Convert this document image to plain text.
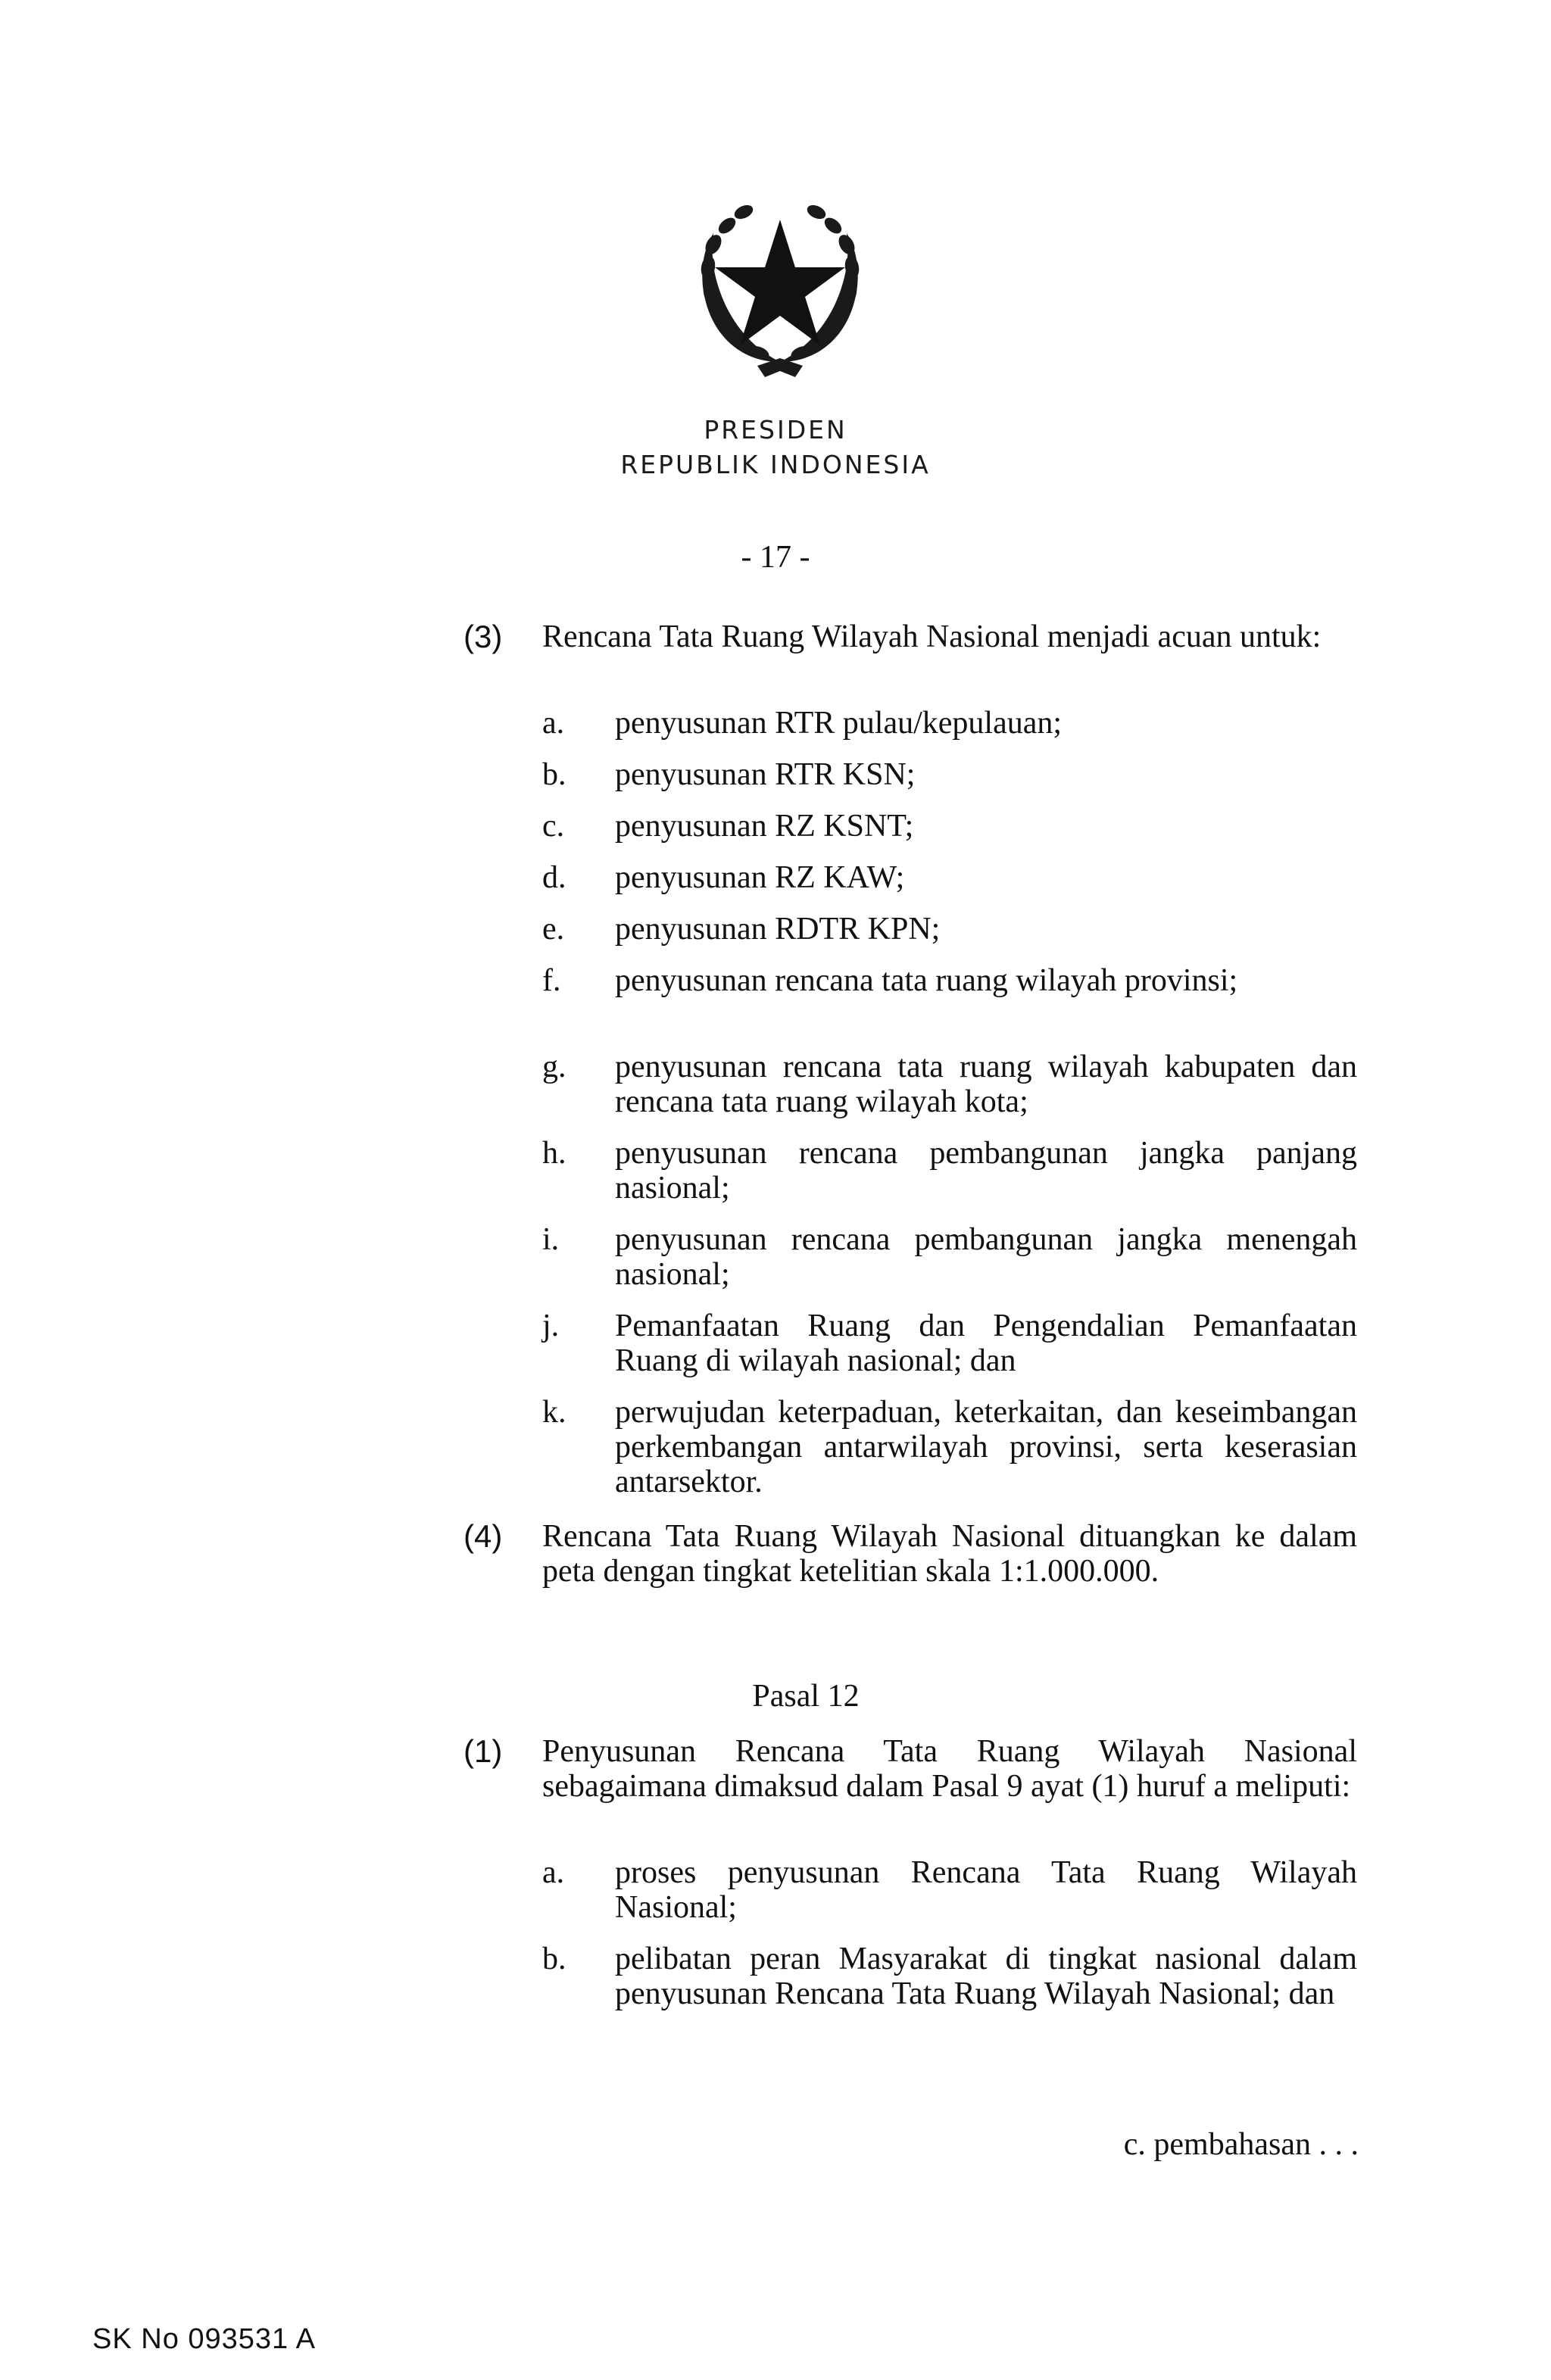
PRESIDEN
REPUBLIK INDONESIA
- 17 -
(3) Rencana Tata Ruang Wilayah Nasional menjadi acuan untuk:
a. penyusunan RTR pulau/kepulauan;
b. penyusunan RTR KSN;
c. penyusunan RZ KSNT;
d. penyusunan RZ KAW;
e. penyusunan RDTR KPN;
f. penyusunan rencana tata ruang wilayah provinsi;
g. penyusunan rencana tata ruang wilayah kabupaten dan rencana tata ruang wilayah kota;
h. penyusunan rencana pembangunan jangka panjang nasional;
i. penyusunan rencana pembangunan jangka menengah nasional;
j. Pemanfaatan Ruang dan Pengendalian Pemanfaatan Ruang di wilayah nasional; dan
k. perwujudan keterpaduan, keterkaitan, dan keseimbangan perkembangan antarwilayah provinsi, serta keserasian antarsektor.
(4) Rencana Tata Ruang Wilayah Nasional dituangkan ke dalam peta dengan tingkat ketelitian skala 1:1.000.000.
Pasal 12
(1) Penyusunan Rencana Tata Ruang Wilayah Nasional sebagaimana dimaksud dalam Pasal 9 ayat (1) huruf a meliputi:
a. proses penyusunan Rencana Tata Ruang Wilayah Nasional;
b. pelibatan peran Masyarakat di tingkat nasional dalam penyusunan Rencana Tata Ruang Wilayah Nasional; dan
c. pembahasan . . .
SK No 093531 A
